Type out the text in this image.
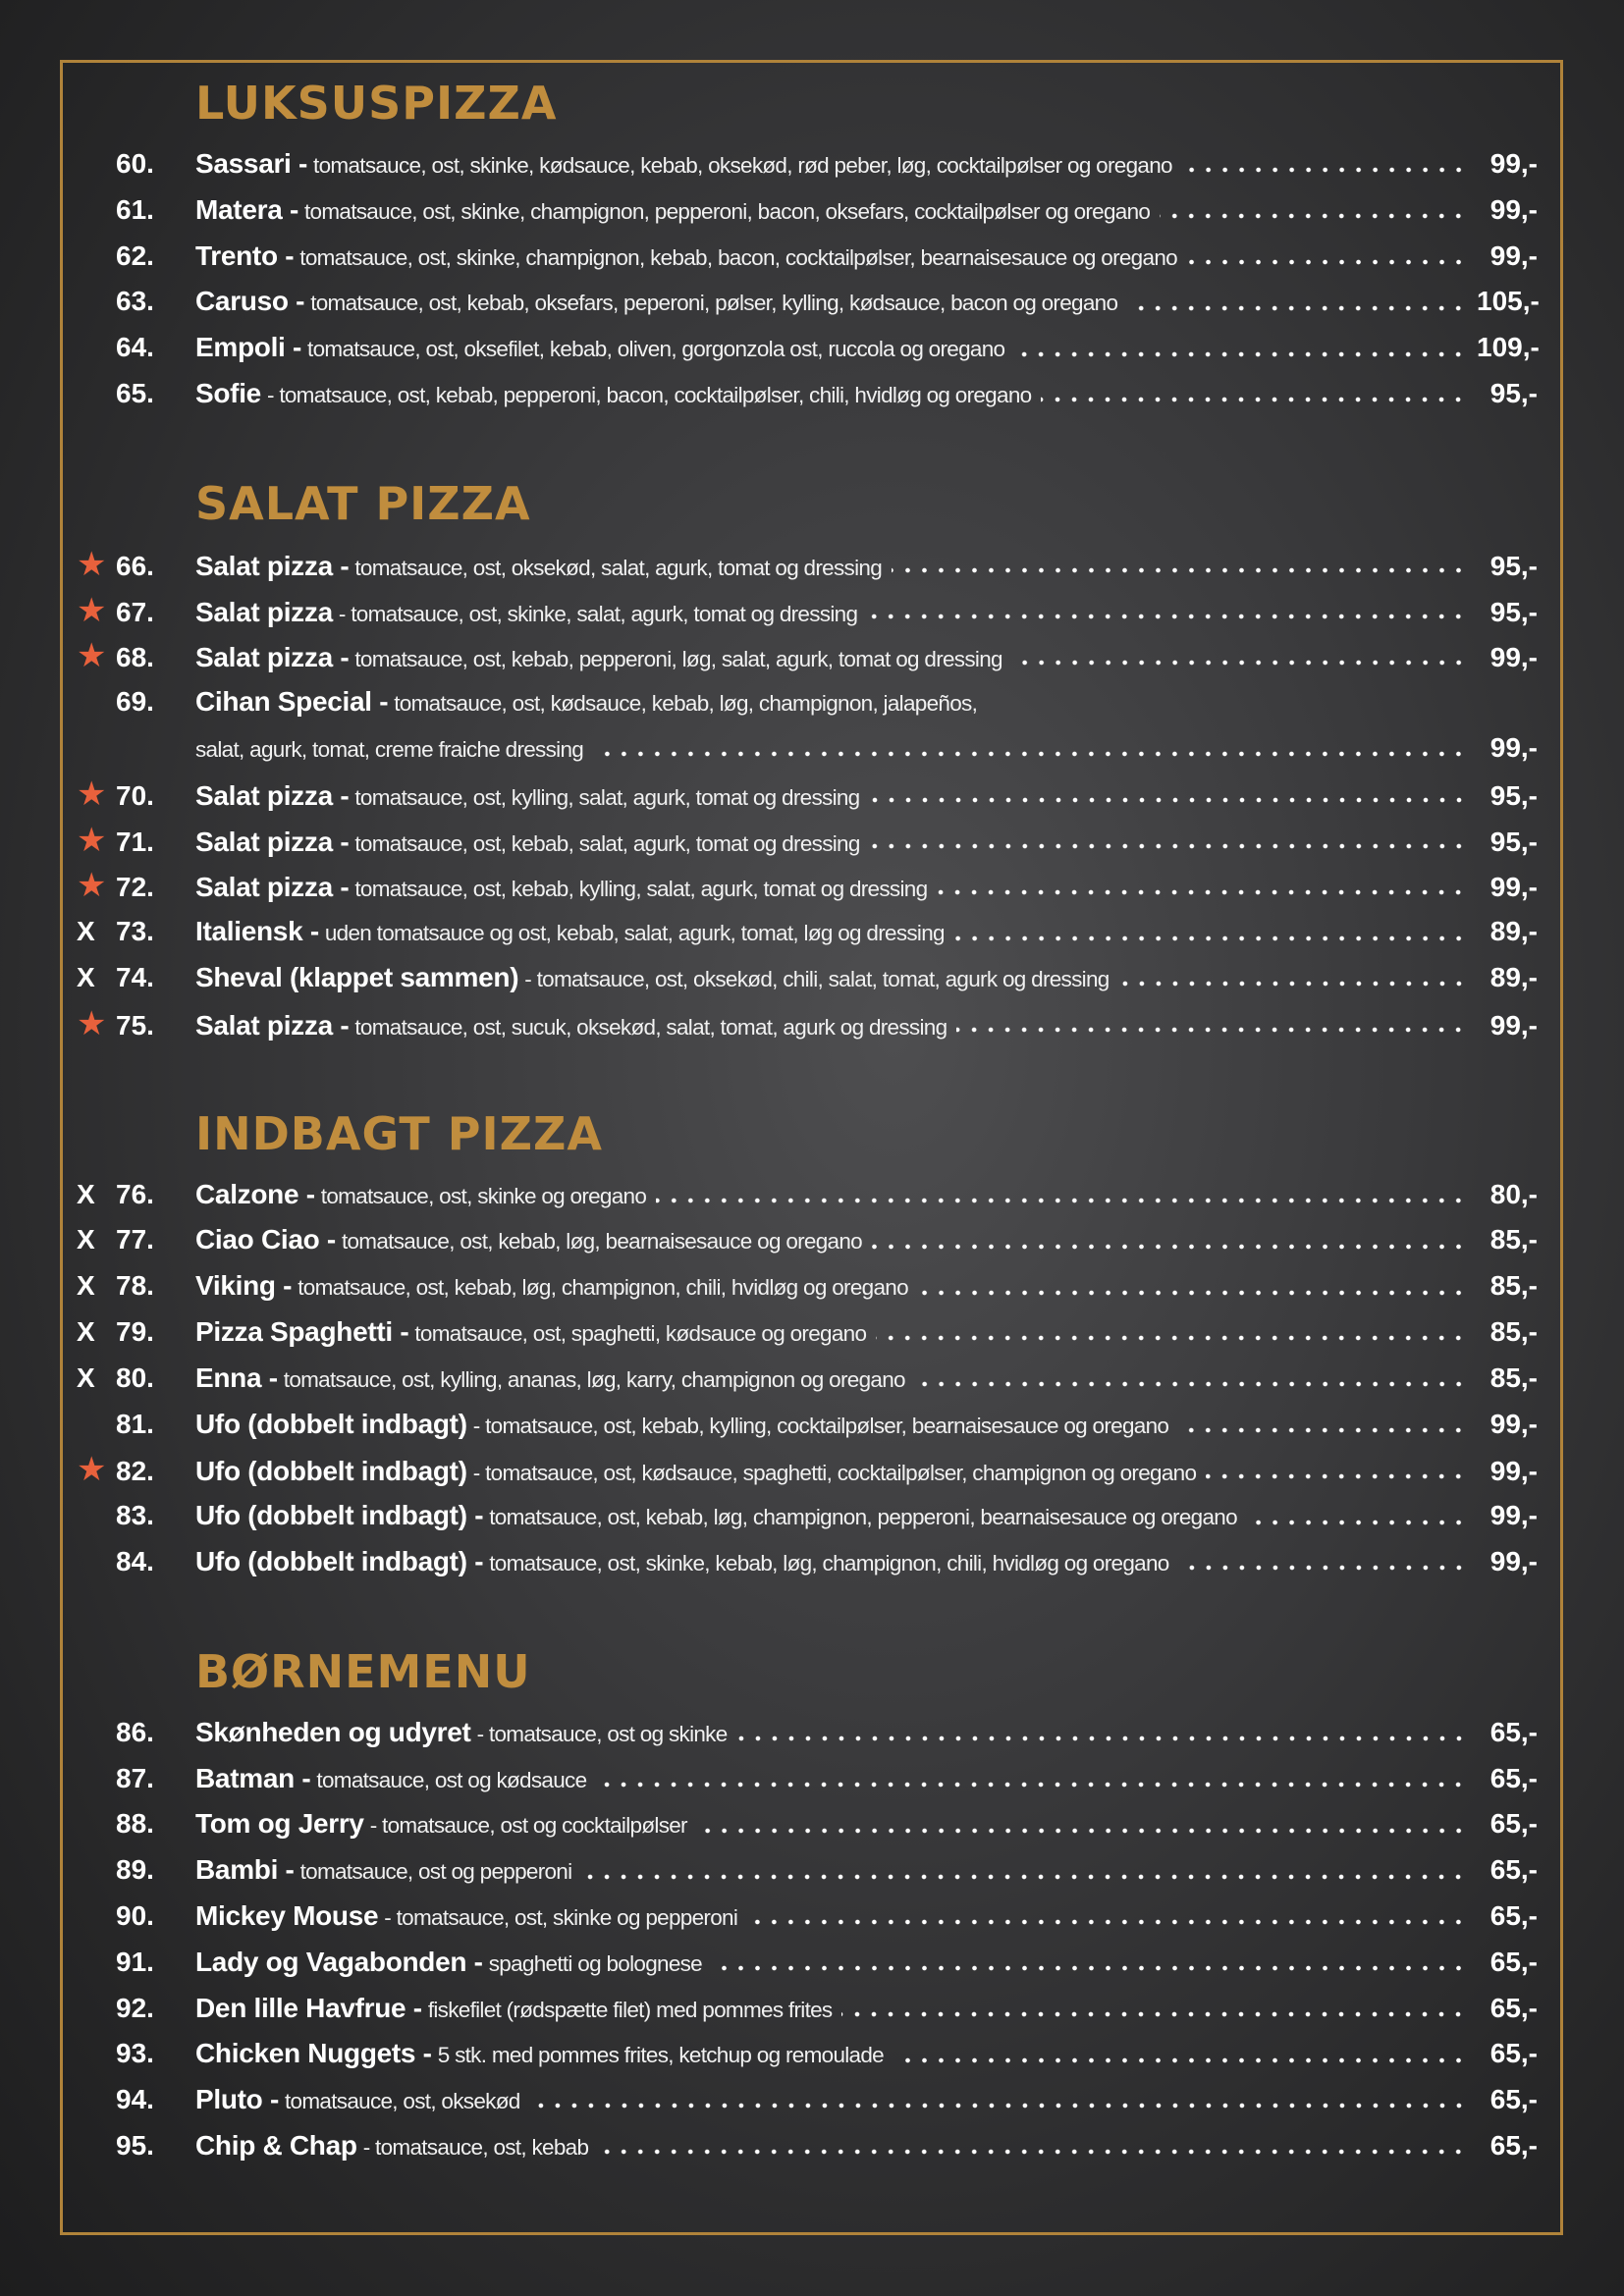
LUKSUSPIZZA
60.	Sassari - tomatsauce, ost, skinke, kødsauce, kebab, oksekød, rød peber, løg, cocktailpølser og oregano	99,-
61.	Matera - tomatsauce, ost, skinke, champignon, pepperoni, bacon, oksefars, cocktailpølser og oregano	99,-
62.	Trento - tomatsauce, ost, skinke, champignon, kebab, bacon, cocktailpølser, bearnaisesauce og oregano	99,-
63.	Caruso - tomatsauce, ost, kebab, oksefars, peperoni, pølser, kylling, kødsauce, bacon og oregano	105,-
64.	Empoli - tomatsauce, ost, oksefilet, kebab, oliven, gorgonzola ost, ruccola og oregano	109,-
65.	Sofie - tomatsauce, ost, kebab, pepperoni, bacon, cocktailpølser, chili, hvidløg og oregano	95,-
SALAT PIZZA
★ 66.	Salat pizza - tomatsauce, ost, oksekød, salat, agurk, tomat og dressing	95,-
★ 67.	Salat pizza - tomatsauce, ost, skinke, salat, agurk, tomat og dressing	95,-
★ 68.	Salat pizza - tomatsauce, ost, kebab, pepperoni, løg, salat, agurk, tomat og dressing	99,-
69.	Cihan Special - tomatsauce, ost, kødsauce, kebab, løg, champignon, jalapeños,
salat, agurk, tomat, creme fraiche dressing	99,-
★ 70.	Salat pizza - tomatsauce, ost, kylling, salat, agurk, tomat og dressing	95,-
★ 71.	Salat pizza - tomatsauce, ost, kebab, salat, agurk, tomat og dressing	95,-
★ 72.	Salat pizza - tomatsauce, ost, kebab, kylling, salat, agurk, tomat og dressing	99,-
X 73.	Italiensk - uden tomatsauce og ost, kebab, salat, agurk, tomat, løg og dressing	89,-
X 74.	Sheval (klappet sammen) - tomatsauce, ost, oksekød, chili, salat, tomat, agurk og dressing	89,-
★ 75.	Salat pizza - tomatsauce, ost, sucuk, oksekød, salat, tomat, agurk og dressing	99,-
INDBAGT PIZZA
X 76.	Calzone - tomatsauce, ost, skinke og oregano	80,-
X 77.	Ciao Ciao - tomatsauce, ost, kebab, løg, bearnaisesauce og oregano	85,-
X 78.	Viking - tomatsauce, ost, kebab, løg, champignon, chili, hvidløg og oregano	85,-
X 79.	Pizza Spaghetti - tomatsauce, ost, spaghetti, kødsauce og oregano	85,-
X 80.	Enna - tomatsauce, ost, kylling, ananas, løg, karry, champignon og oregano	85,-
81.	Ufo (dobbelt indbagt) - tomatsauce, ost, kebab, kylling, cocktailpølser, bearnaisesauce og oregano	99,-
★ 82.	Ufo (dobbelt indbagt) - tomatsauce, ost, kødsauce, spaghetti, cocktailpølser, champignon og oregano	99,-
83.	Ufo (dobbelt indbagt) - tomatsauce, ost, kebab, løg, champignon, pepperoni, bearnaisesauce og oregano	99,-
84.	Ufo (dobbelt indbagt) - tomatsauce, ost, skinke, kebab, løg, champignon, chili, hvidløg og oregano	99,-
BØRNEMENU
86.	Skønheden og udyret - tomatsauce, ost og skinke	65,-
87.	Batman - tomatsauce, ost og kødsauce	65,-
88.	Tom og Jerry - tomatsauce, ost og cocktailpølser	65,-
89.	Bambi - tomatsauce, ost og pepperoni	65,-
90.	Mickey Mouse - tomatsauce, ost, skinke og pepperoni	65,-
91.	Lady og Vagabonden - spaghetti og bolognese	65,-
92.	Den lille Havfrue - fiskefilet (rødspætte filet) med pommes frites	65,-
93.	Chicken Nuggets - 5 stk. med pommes frites, ketchup og remoulade	65,-
94.	Pluto - tomatsauce, ost, oksekød	65,-
95.	Chip & Chap - tomatsauce, ost, kebab	65,-
